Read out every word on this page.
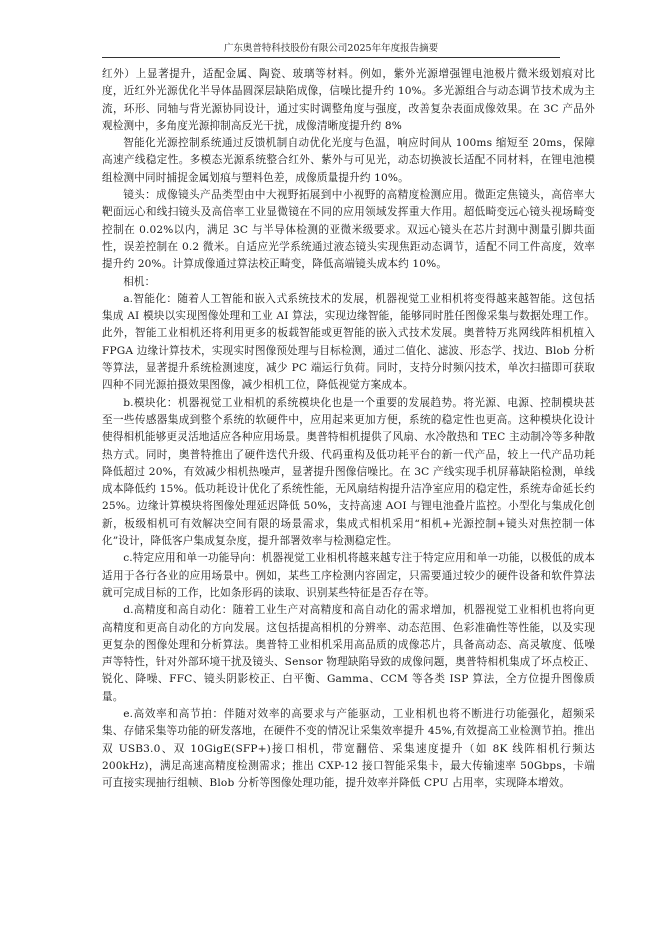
广东奥普特科技股份有限公司2025年年度报告摘要

红外）上显著提升，适配金属、陶瓷、玻璃等材料。例如，紫外光源增强锂电池极片微米级划痕对比度，近红外光源优化半导体晶圆深层缺陷成像，信噪比提升约 10%。多光源组合与动态调节技术成为主流，环形、同轴与背光源协同设计，通过实时调整角度与强度，改善复杂表面成像效果。在 3C 产品外观检测中，多角度光源抑制高反光干扰，成像清晰度提升约 8%

智能化光源控制系统通过反馈机制自动优化光度与色温，响应时间从 100ms 缩短至 20ms，保障高速产线稳定性。多模态光源系统整合红外、紫外与可见光，动态切换波长适配不同材料，在锂电池模组检测中同时捕捉金属划痕与塑料色差，成像质量提升约 10%。

镜头：成像镜头产品类型由中大视野拓展到中小视野的高精度检测应用。微距定焦镜头，高倍率大靶面远心和线扫镜头及高倍率工业显微镜在不同的应用领域发挥重大作用。超低畸变远心镜头视场畸变控制在 0.02%以内，满足 3C 与半导体检测的亚微米级要求。双远心镜头在芯片封测中测量引脚共面性，误差控制在 0.2 微米。自适应光学系统通过液态镜头实现焦距动态调节，适配不同工件高度，效率提升约 20%。计算成像通过算法校正畸变，降低高端镜头成本约 10%。

相机：

a.智能化：随着人工智能和嵌入式系统技术的发展，机器视觉工业相机将变得越来越智能。这包括集成 AI 模块以实现图像处理和工业 AI 算法，实现边缘智能，能够同时胜任图像采集与数据处理工作。此外，智能工业相机还将利用更多的板载智能或更智能的嵌入式技术发展。奥普特万兆网线阵相机植入 FPGA 边缘计算技术，实现实时图像预处理与目标检测，通过二值化、滤波、形态学、找边、Blob 分析等算法，显著提升系统检测速度，减少 PC 端运行负荷。同时，支持分时频闪技术，单次扫描即可获取四种不同光源拍摄效果图像，减少相机工位，降低视觉方案成本。

b.模块化：机器视觉工业相机的系统模块化也是一个重要的发展趋势。将光源、电源、控制模块甚至一些传感器集成到整个系统的软硬件中，应用起来更加方便，系统的稳定性也更高。这种模块化设计使得相机能够更灵活地适应各种应用场景。奥普特相机提供了风扇、水冷散热和 TEC 主动制冷等多种散热方式。同时，奥普特推出了硬件迭代升级、代码重构及低功耗平台的新一代产品，较上一代产品功耗降低超过 20%，有效减少相机热噪声，显著提升图像信噪比。在 3C 产线实现手机屏幕缺陷检测，单线成本降低约 15%。低功耗设计优化了系统性能，无风扇结构提升洁净室应用的稳定性，系统寿命延长约 25%。边缘计算模块将图像处理延迟降低 50%，支持高速 AOI 与锂电池叠片监控。小型化与集成化创新，板级相机可有效解决空间有限的场景需求，集成式相机采用“相机+光源控制+镜头对焦控制一体化”设计，降低客户集成复杂度，提升部署效率与检测稳定性。

c.特定应用和单一功能导向：机器视觉工业相机将越来越专注于特定应用和单一功能，以极低的成本适用于各行各业的应用场景中。例如，某些工序检测内容固定，只需要通过较少的硬件设备和软件算法就可完成目标的工作，比如条形码的读取、识别某些特征是否存在等。

d.高精度和高自动化：随着工业生产对高精度和高自动化的需求增加，机器视觉工业相机也将向更高精度和更高自动化的方向发展。这包括提高相机的分辨率、动态范围、色彩准确性等性能，以及实现更复杂的图像处理和分析算法。奥普特工业相机采用高品质的成像芯片，具备高动态、高灵敏度、低噪声等特性，针对外部环境干扰及镜头、Sensor 物理缺陷导致的成像问题，奥普特相机集成了坏点校正、锐化、降噪、FFC、镜头阴影校正、白平衡、Gamma、CCM 等各类 ISP 算法，全方位提升图像质量。

e.高效率和高节拍：伴随对效率的高要求与产能驱动，工业相机也将不断进行功能强化，超频采集、存储采集等功能的研发落地，在硬件不变的情况让采集效率提升 45%,有效提高工业检测节拍。推出双 USB3.0、双 10GigE(SFP+)接口相机，带宽翻倍、采集速度提升（如 8K 线阵相机行频达 200kHz)，满足高速高精度检测需求；推出 CXP-12 接口智能采集卡，最大传输速率 50Gbps，卡端可直接实现抽行组帧、Blob 分析等图像处理功能，提升效率并降低 CPU 占用率，实现降本增效。
